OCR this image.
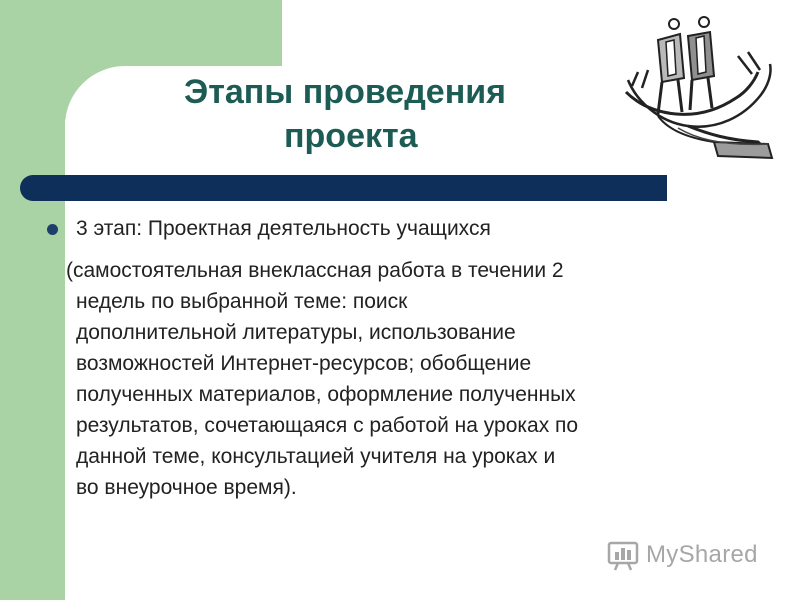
Этапы проведения
проекта
3 этап: Проектная деятельность учащихся
(самостоятельная внеклассная работа в течении 2
недель по выбранной теме: поиск
дополнительной литературы, использование
возможностей Интернет-ресурсов; обобщение
полученных материалов, оформление полученных
результатов, сочетающаяся с работой на уроках по
данной теме, консультацией учителя на уроках и
во внеурочное время).
MyShared
